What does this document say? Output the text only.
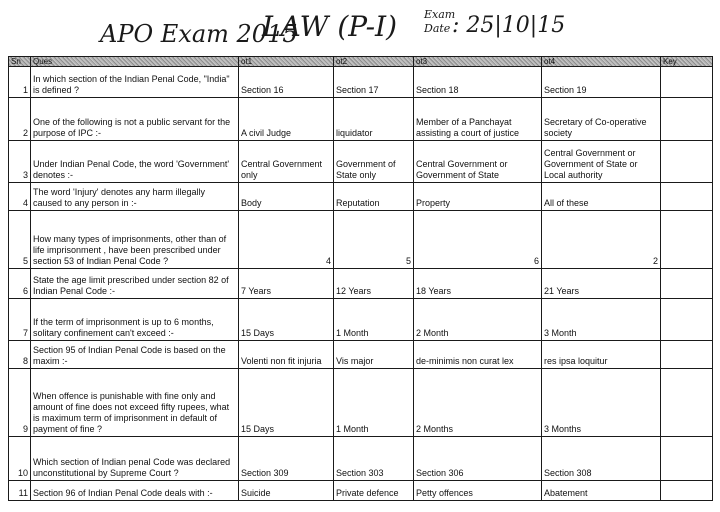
APO Exam 2015
LAW (P-I) Exam
Date : 25|10|15
Sn	Ques	ot1	ot2	ot3	ot4	Key
1	In which section of the Indian Penal Code, "India" is defined ?	Section 16	Section 17	Section 18	Section 19	
2	One of the following is not a public servant for the purpose of IPC :-	A civil Judge	liquidator	Member of a Panchayat assisting a court of justice	Secretary of Co-operative society	
3	Under Indian Penal Code, the word 'Government' denotes :-	Central Government only	Government of State only	Central Government or Government of State	Central Government or Government of State or Local authority	
4	The word 'Injury' denotes any harm illegally caused to any person in :-	Body	Reputation	Property	All of these	
5	How many types of imprisonments, other than of life imprisonment , have been prescribed under section 53 of Indian Penal Code ?	4	5	6	2	
6	State the age limit prescribed under section 82 of Indian Penal Code :-	7 Years	12 Years	18 Years	21 Years	
7	If the term of imprisonment is up to 6 months, solitary confinement can't exceed :-	15 Days	1 Month	2 Month	3 Month	
8	Section 95 of Indian Penal Code is based on the maxim :-	Volenti non fit injuria	Vis major	de-minimis non curat lex	res ipsa loquitur	
9	When offence is punishable with fine only and amount of fine does not exceed fifty rupees, what is maximum term of imprisonment in default of payment of fine ?	15 Days	1 Month	2 Months	3 Months	
10	Which section of Indian penal Code was declared unconstitutional by Supreme Court ?	Section 309	Section 303	Section 306	Section 308	
11	Section 96 of Indian Penal Code deals with :-	Suicide	Private defence	Petty offences	Abatement	
